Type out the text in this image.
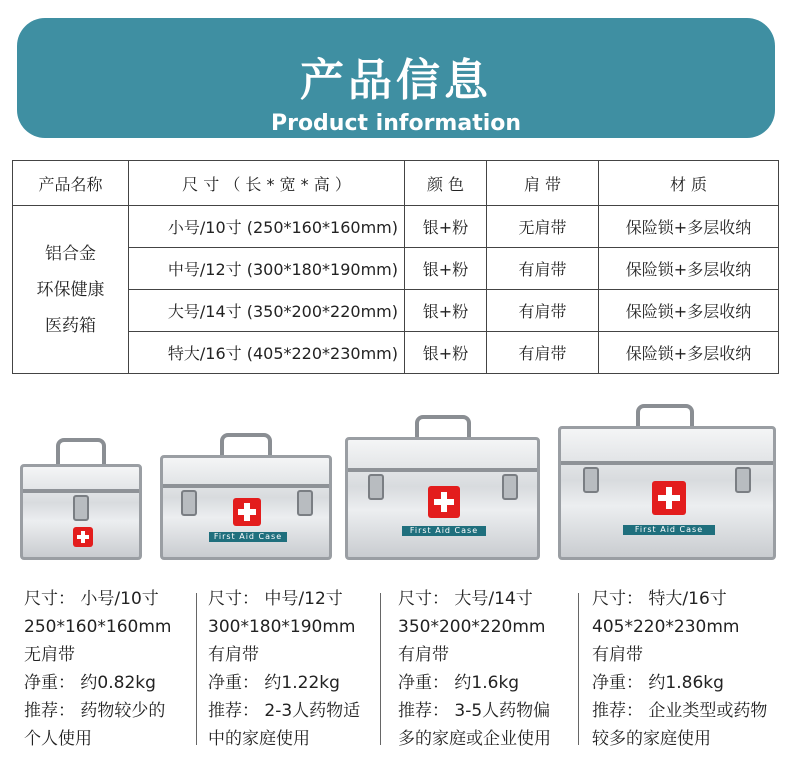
产品信息
Product information
产品名称	尺 寸 （ 长 * 宽 * 高 ）	颜 色	肩 带	材 质

铝合金
环保健康
医药箱	小号/10寸 (250*160*160mm)	银+粉	无肩带	保险锁+多层收纳
	中号/12寸 (300*180*190mm)	银+粉	有肩带	保险锁+多层收纳
	大号/14寸 (350*200*220mm)	银+粉	有肩带	保险锁+多层收纳
	特大/16寸 (405*220*230mm)	银+粉	有肩带	保险锁+多层收纳
First Aid Case
First Aid Case	First Aid Case
尺寸： 小号/10寸
250*160*160mm
无肩带
净重： 约0.82kg
推荐： 药物较少的
个人使用
尺寸： 中号/12寸
300*180*190mm
有肩带
净重： 约1.22kg
推荐： 2-3人药物适
中的家庭使用
尺寸： 大号/14寸
350*200*220mm
有肩带
净重： 约1.6kg
推荐： 3-5人药物偏
多的家庭或企业使用
尺寸： 特大/16寸
405*220*230mm
有肩带
净重： 约1.86kg
推荐： 企业类型或药物
较多的家庭使用
